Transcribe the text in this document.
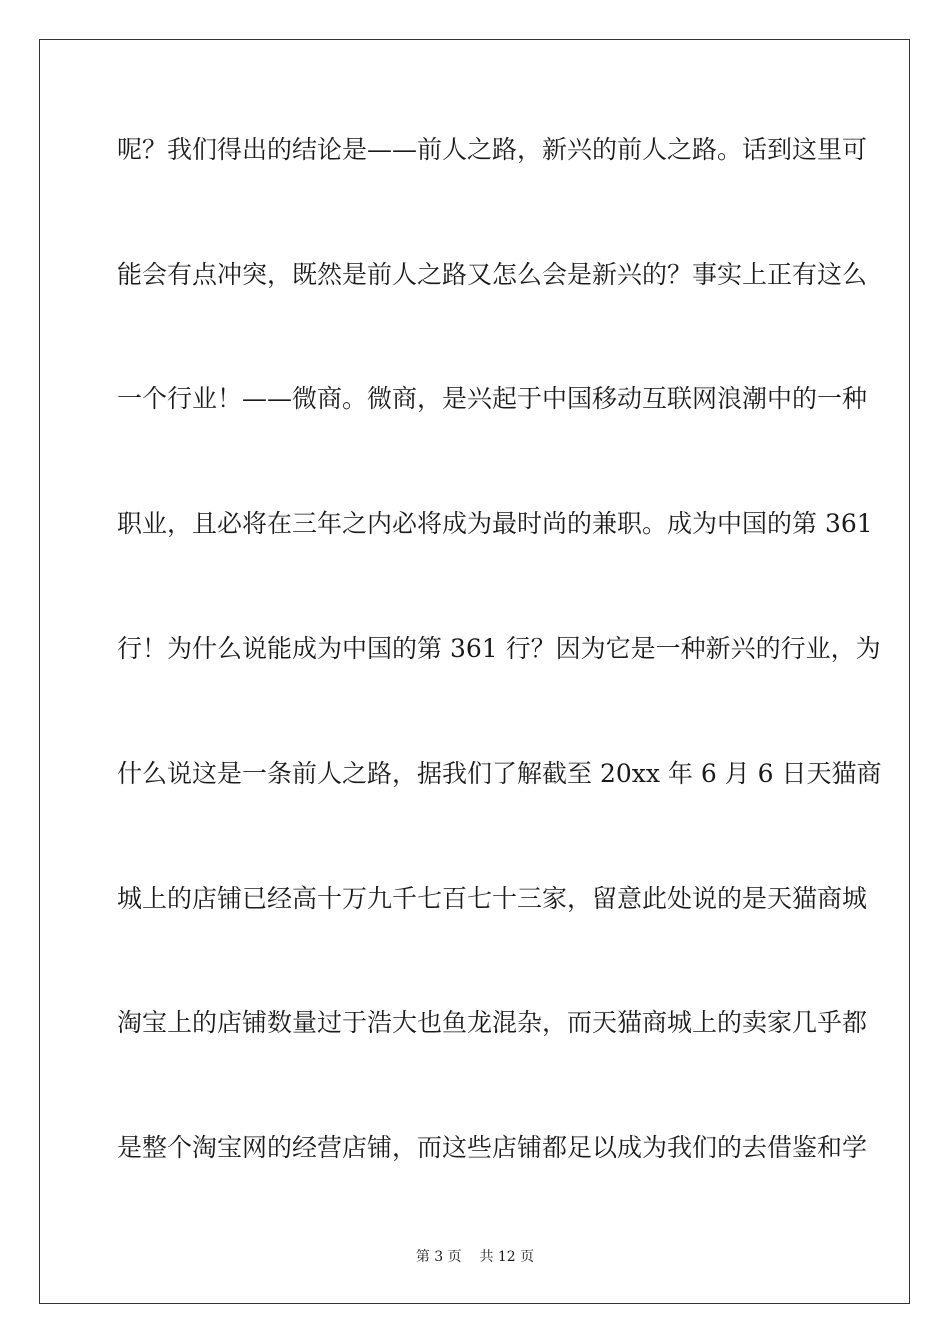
呢？我们得出的结论是——前人之路，新兴的前人之路。话到这里可
能会有点冲突，既然是前人之路又怎么会是新兴的？事实上正有这么
一个行业！——微商。微商，是兴起于中国移动互联网浪潮中的一种
职业，且必将在三年之内必将成为最时尚的兼职。成为中国的第 361
行！为什么说能成为中国的第 361 行？因为它是一种新兴的行业，为
什么说这是一条前人之路，据我们了解截至 20xx 年 6 月 6 日天猫商
城上的店铺已经高十万九千七百七十三家，留意此处说的是天猫商城
淘宝上的店铺数量过于浩大也鱼龙混杂，而天猫商城上的卖家几乎都
是整个淘宝网的经营店铺，而这些店铺都足以成为我们的去借鉴和学
第 3 页 共 12 页
